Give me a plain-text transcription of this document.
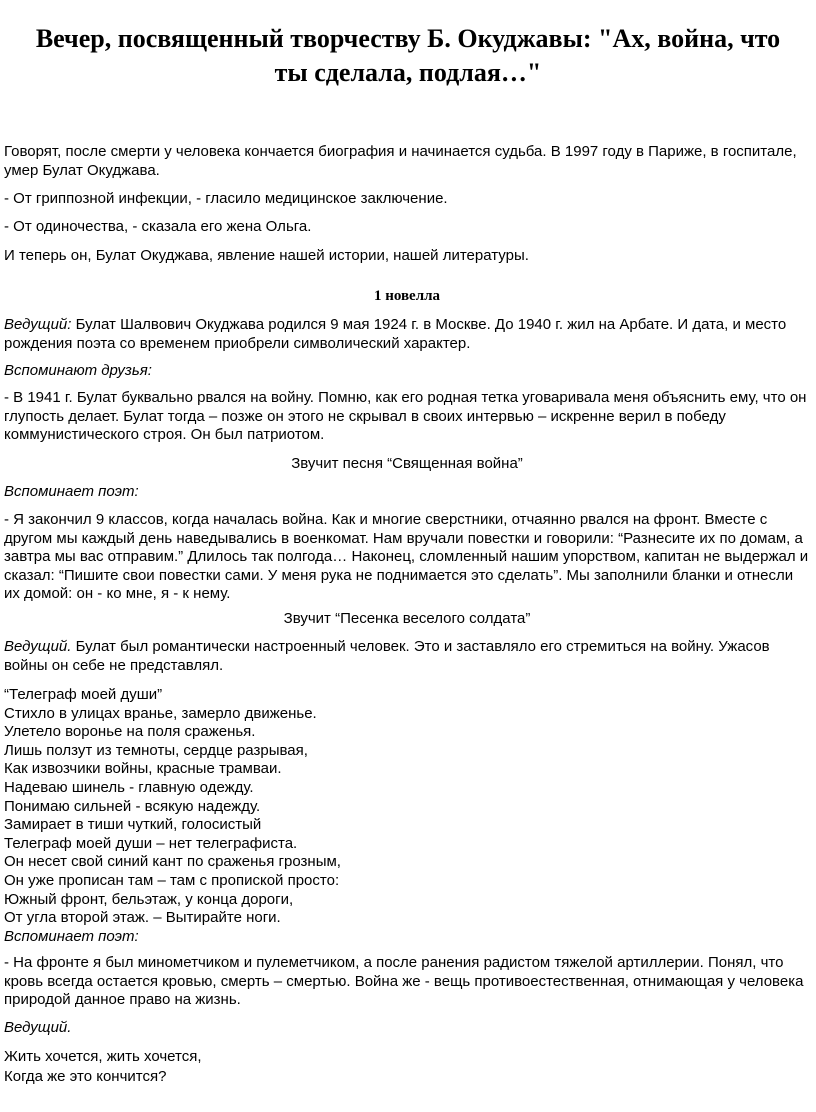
Вечер, посвященный творчеству Б. Окуджавы: "Ах, война, что ты сделала, подлая…"

Говорят, после смерти у человека кончается биография и начинается судьба. В 1997 году в Париже, в госпитале, умер Булат Окуджава.

- От гриппозной инфекции, - гласило медицинское заключение.

- От одиночества, - сказала его жена Ольга.

И теперь он, Булат Окуджава, явление нашей истории, нашей литературы.

1 новелла

Ведущий: Булат Шалвович Окуджава родился 9 мая 1924 г. в Москве. До 1940 г. жил на Арбате. И дата, и место рождения поэта со временем приобрели символический характер.

Вспоминают друзья:

- В 1941 г. Булат буквально рвался на войну. Помню, как его родная тетка уговаривала меня объяснить ему, что он глупость делает. Булат тогда – позже он этого не скрывал в своих интервью – искренне верил в победу коммунистического строя. Он был патриотом.

Звучит песня “Священная война”

Вспоминает поэт:

- Я закончил 9 классов, когда началась война. Как и многие сверстники, отчаянно рвался на фронт. Вместе с другом мы каждый день наведывались в военкомат. Нам вручали повестки и говорили: “Разнесите их по домам, а завтра мы вас отправим.” Длилось так полгода… Наконец, сломленный нашим упорством, капитан не выдержал и сказал: “Пишите свои повестки сами. У меня рука не поднимается это сделать”. Мы заполнили бланки и отнесли их домой: он - ко мне, я - к нему.

Звучит “Песенка веселого солдата”

Ведущий. Булат был романтически настроенный человек. Это и заставляло его стремиться на войну. Ужасов войны он себе не представлял.

“Телеграф моей души”
Стихло в улицах вранье, замерло движенье.
Улетело воронье на поля сраженья.
Лишь ползут из темноты, сердце разрывая,
Как извозчики войны, красные трамваи.
Надеваю шинель - главную одежду.
Понимаю сильней - всякую надежду.
Замирает в тиши чуткий, голосистый
Телеграф моей души – нет телеграфиста.
Он несет свой синий кант по сраженья грозным,
Он уже прописан там – там с пропиской просто:
Южный фронт, бельэтаж, у конца дороги,
От угла второй этаж. – Вытирайте ноги.
Вспоминает поэт:

- На фронте я был минометчиком и пулеметчиком, а после ранения радистом тяжелой артиллерии. Понял, что кровь всегда остается кровью, смерть – смертью. Война же - вещь противоестественная, отнимающая у человека природой данное право на жизнь.

Ведущий.

Жить хочется, жить хочется,
Когда же это кончится?
